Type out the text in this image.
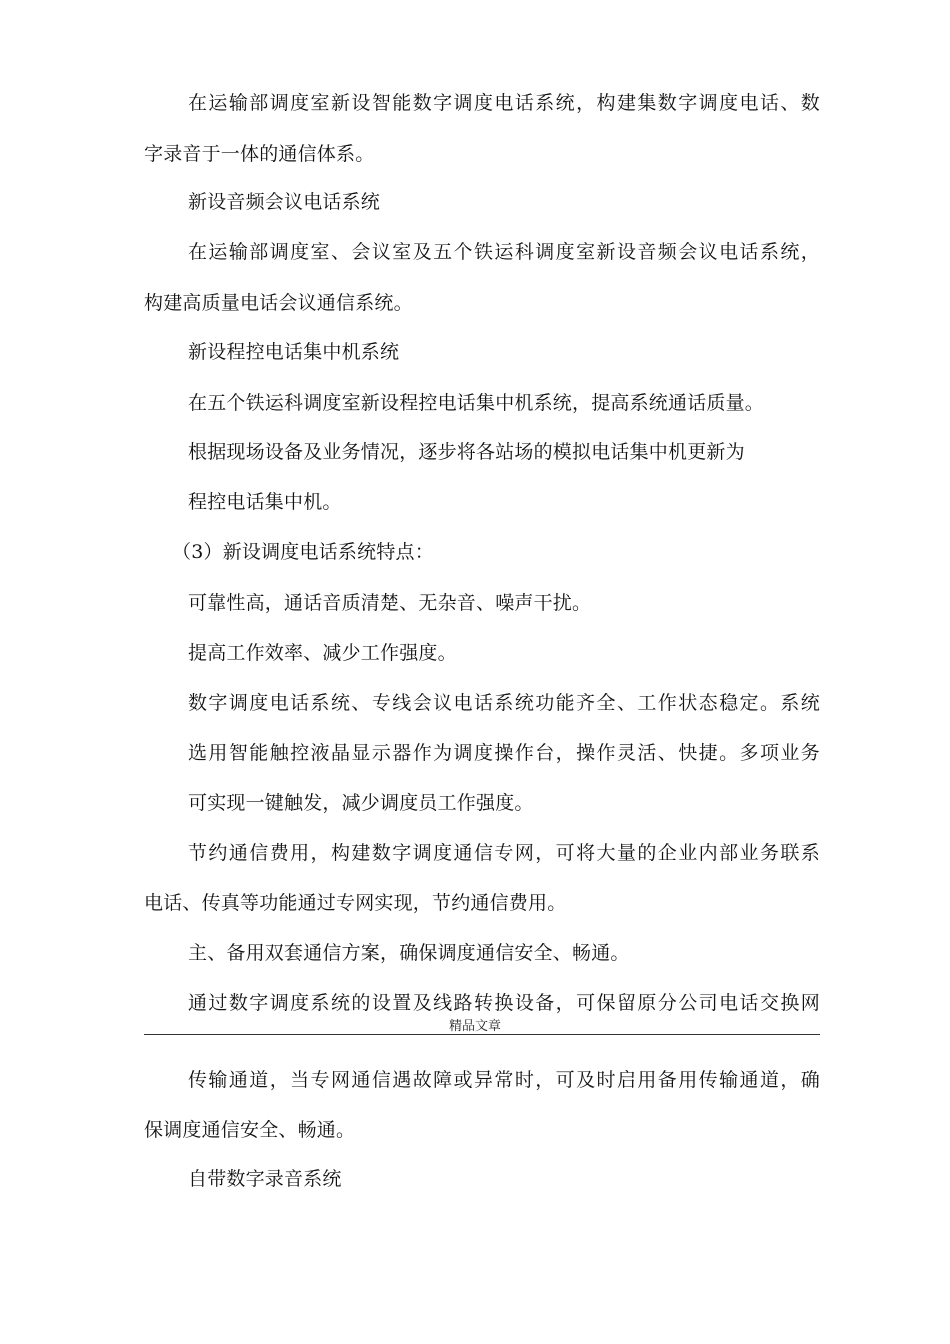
在运输部调度室新设智能数字调度电话系统，构建集数字调度电话、数
字录音于一体的通信体系。
新设音频会议电话系统
在运输部调度室、会议室及五个铁运科调度室新设音频会议电话系统，
构建高质量电话会议通信系统。
新设程控电话集中机系统
在五个铁运科调度室新设程控电话集中机系统，提高系统通话质量。
根据现场设备及业务情况，逐步将各站场的模拟电话集中机更新为
程控电话集中机。
（3）新设调度电话系统特点：
可靠性高，通话音质清楚、无杂音、噪声干扰。
提高工作效率、减少工作强度。
数字调度电话系统、专线会议电话系统功能齐全、工作状态稳定。系统
选用智能触控液晶显示器作为调度操作台，操作灵活、快捷。多项业务
可实现一键触发，减少调度员工作强度。
节约通信费用，构建数字调度通信专网，可将大量的企业内部业务联系
电话、传真等功能通过专网实现，节约通信费用。
主、备用双套通信方案，确保调度通信安全、畅通。
通过数字调度系统的设置及线路转换设备，可保留原分公司电话交换网
精品文章
传输通道，当专网通信遇故障或异常时，可及时启用备用传输通道，确
保调度通信安全、畅通。
自带数字录音系统
